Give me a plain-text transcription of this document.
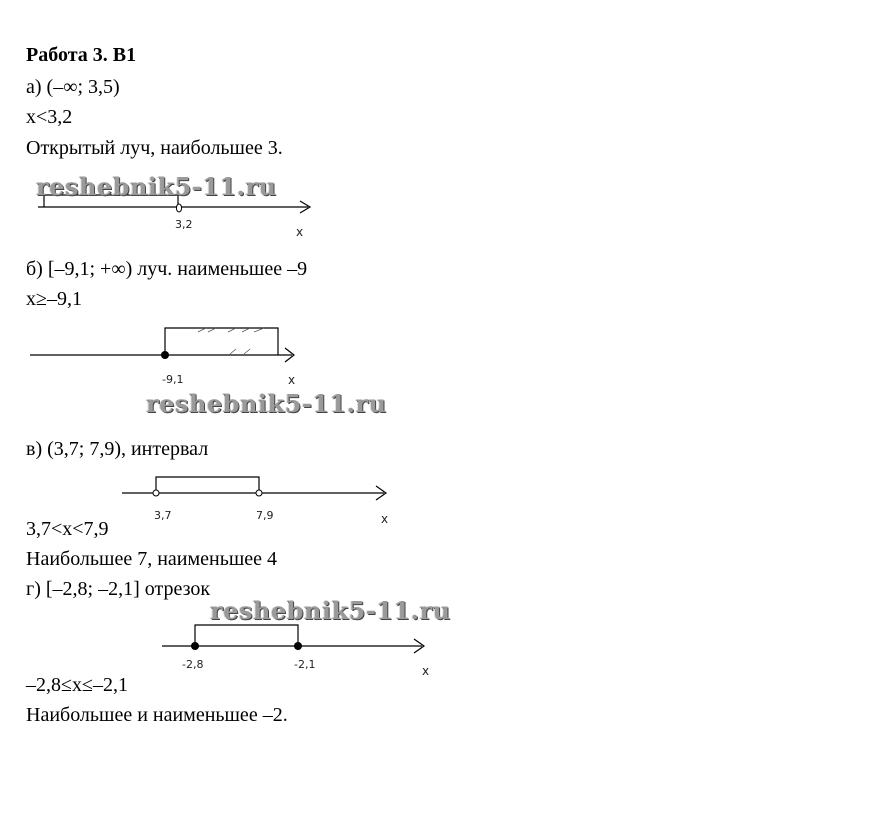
Работа 3. В1
а) (–∞; 3,5)
x<3,2
Открытый луч, наибольшее 3.
3,2
x
reshebnik5-11.ru
б) [–9,1; +∞) луч. наименьшее –9
x≥–9,1
-9,1	x
reshebnik5-11.ru
в) (3,7; 7,9), интервал
3,7	7,9	x
3,7<x<7,9
Наибольшее 7, наименьшее 4
г) [–2,8; –2,1] отрезок
reshebnik5-11.ru
-2,8	-2,1	x
–2,8≤x≤–2,1
Наибольшее и наименьшее –2.
